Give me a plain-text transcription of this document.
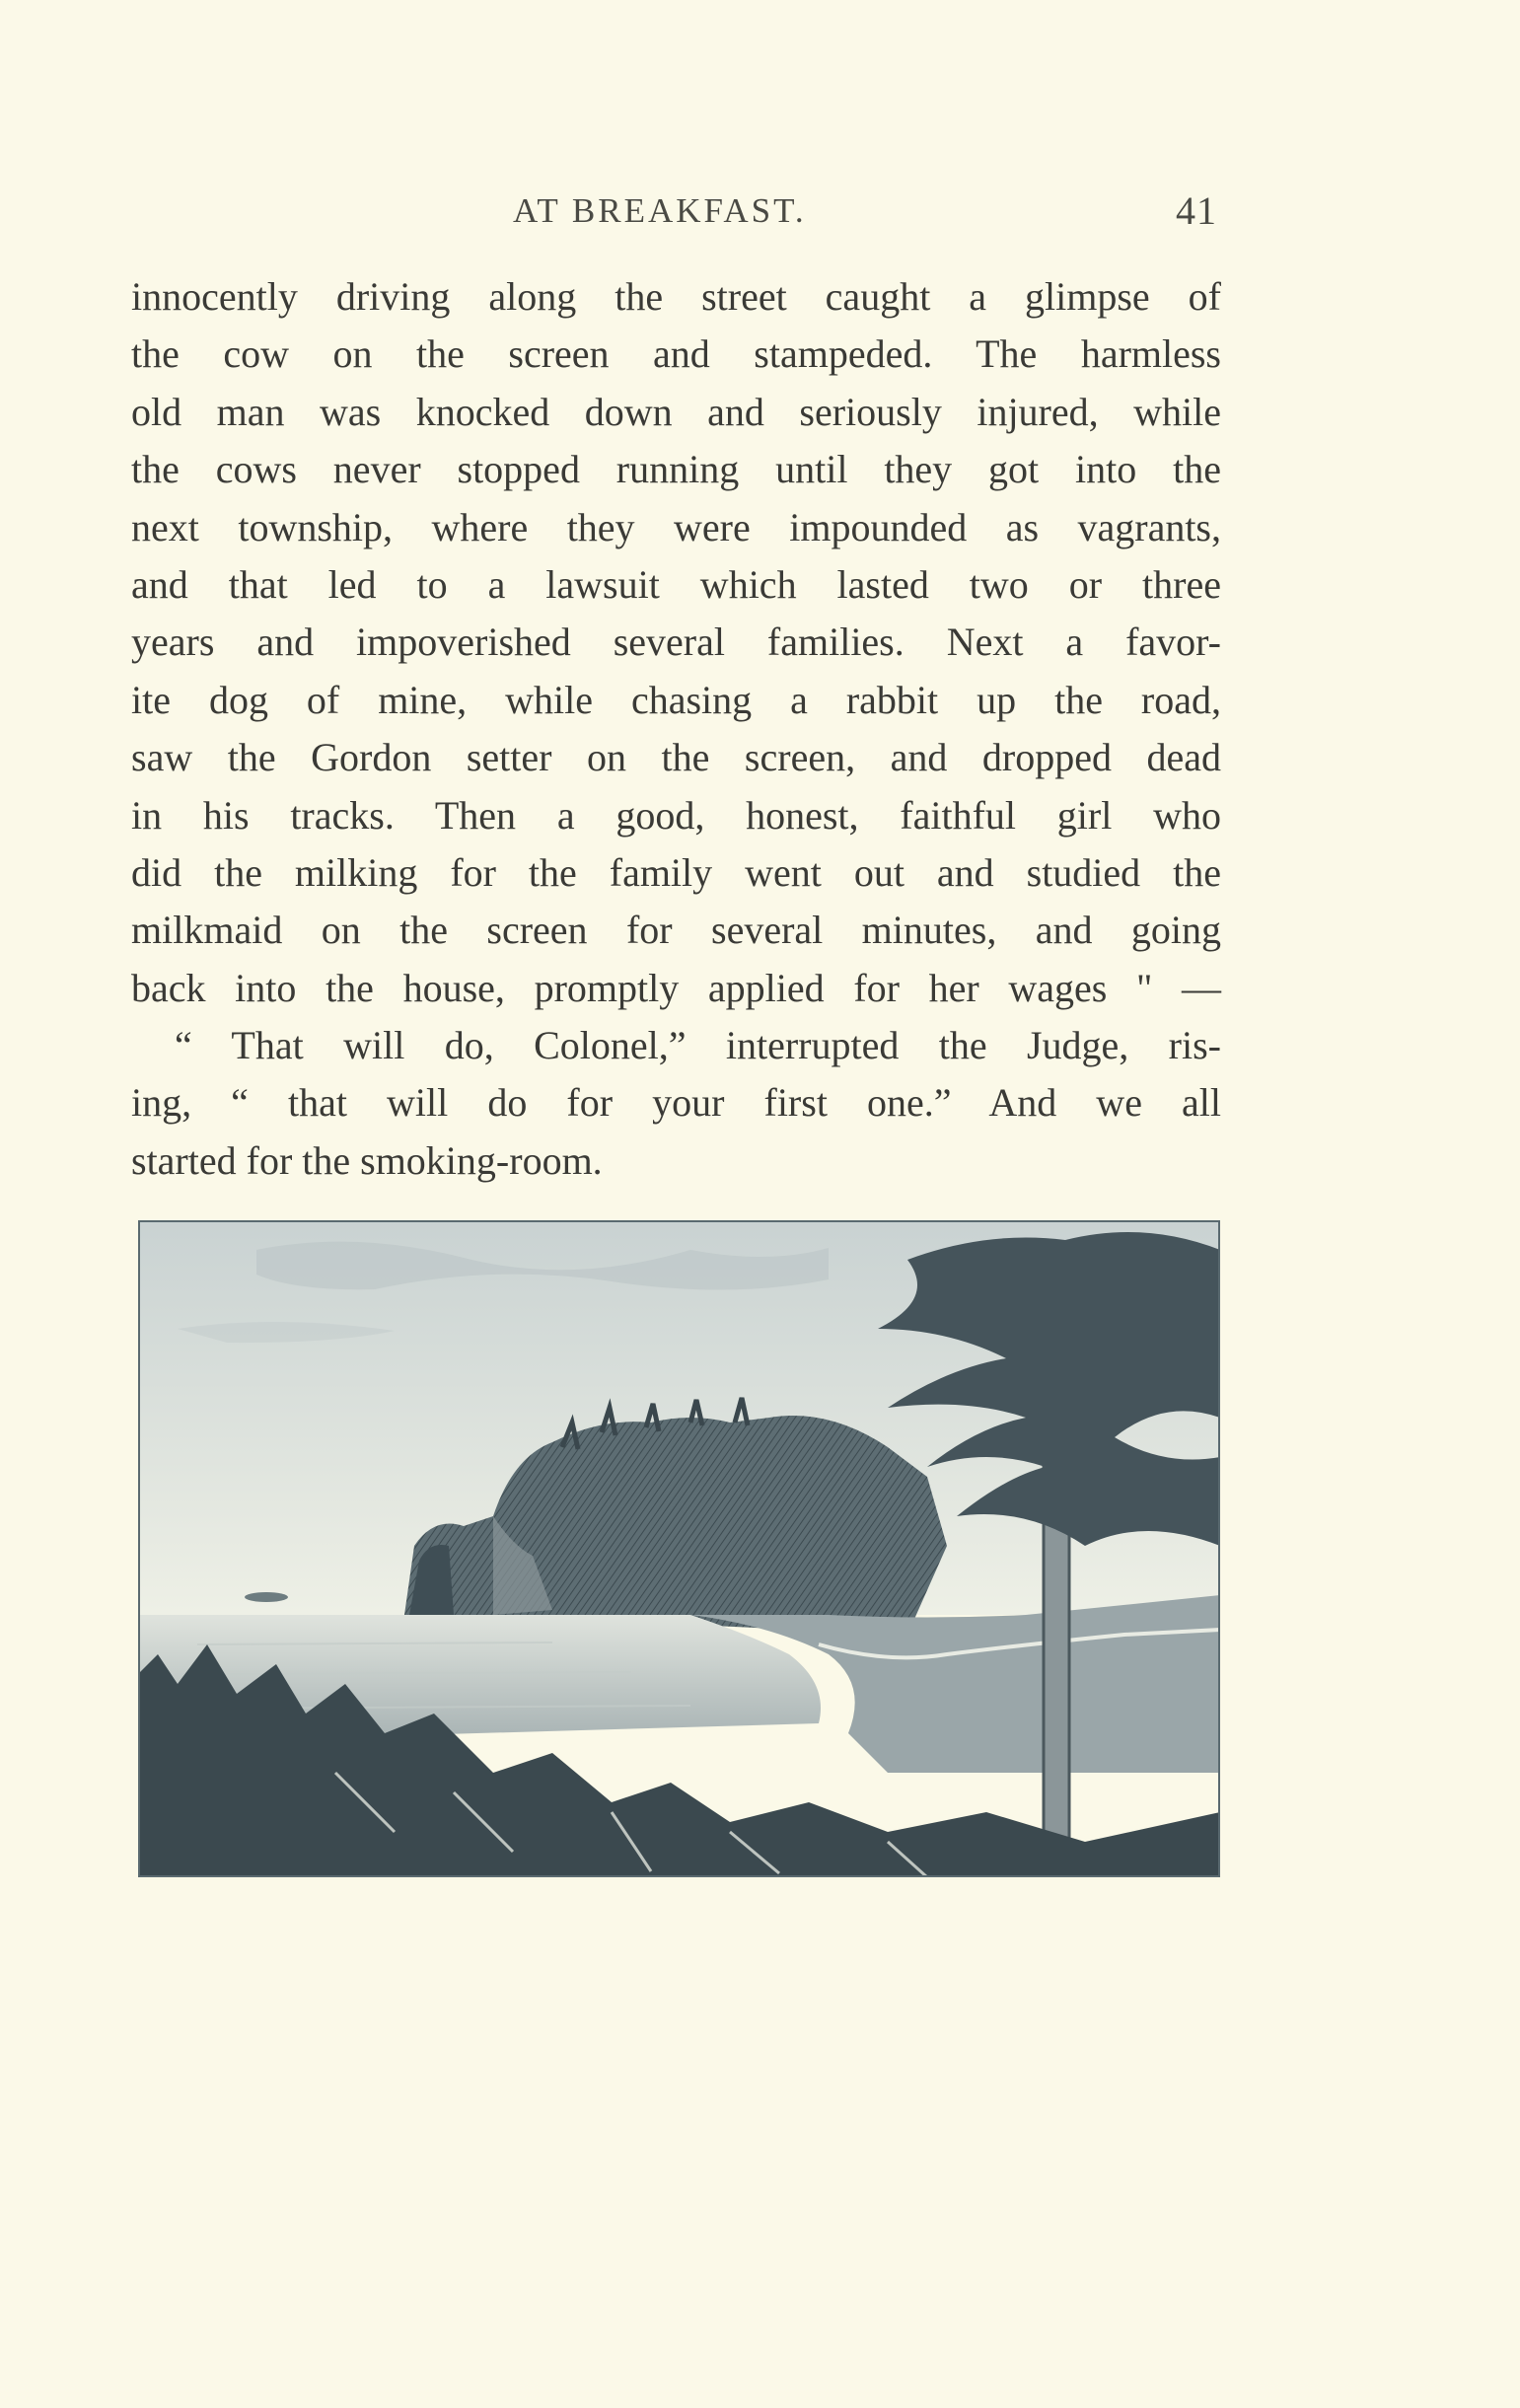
AT BREAKFAST.	41
innocently driving along the street caught a glimpse of
the cow on the screen and stampeded. The harmless
old man was knocked down and seriously injured, while
the cows never stopped running until they got into the
next township, where they were impounded as vagrants,
and that led to a lawsuit which lasted two or three
years and impoverished several families. Next a favor-
ite dog of mine, while chasing a rabbit up the road,
saw the Gordon setter on the screen, and dropped dead
in his tracks. Then a good, honest, faithful girl who
did the milking for the family went out and studied the
milkmaid on the screen for several minutes, and going
back into the house, promptly applied for her wages " —
“ That will do, Colonel,” interrupted the Judge, ris-
ing, “ that will do for your first one.” And we all
started for the smoking-room.
